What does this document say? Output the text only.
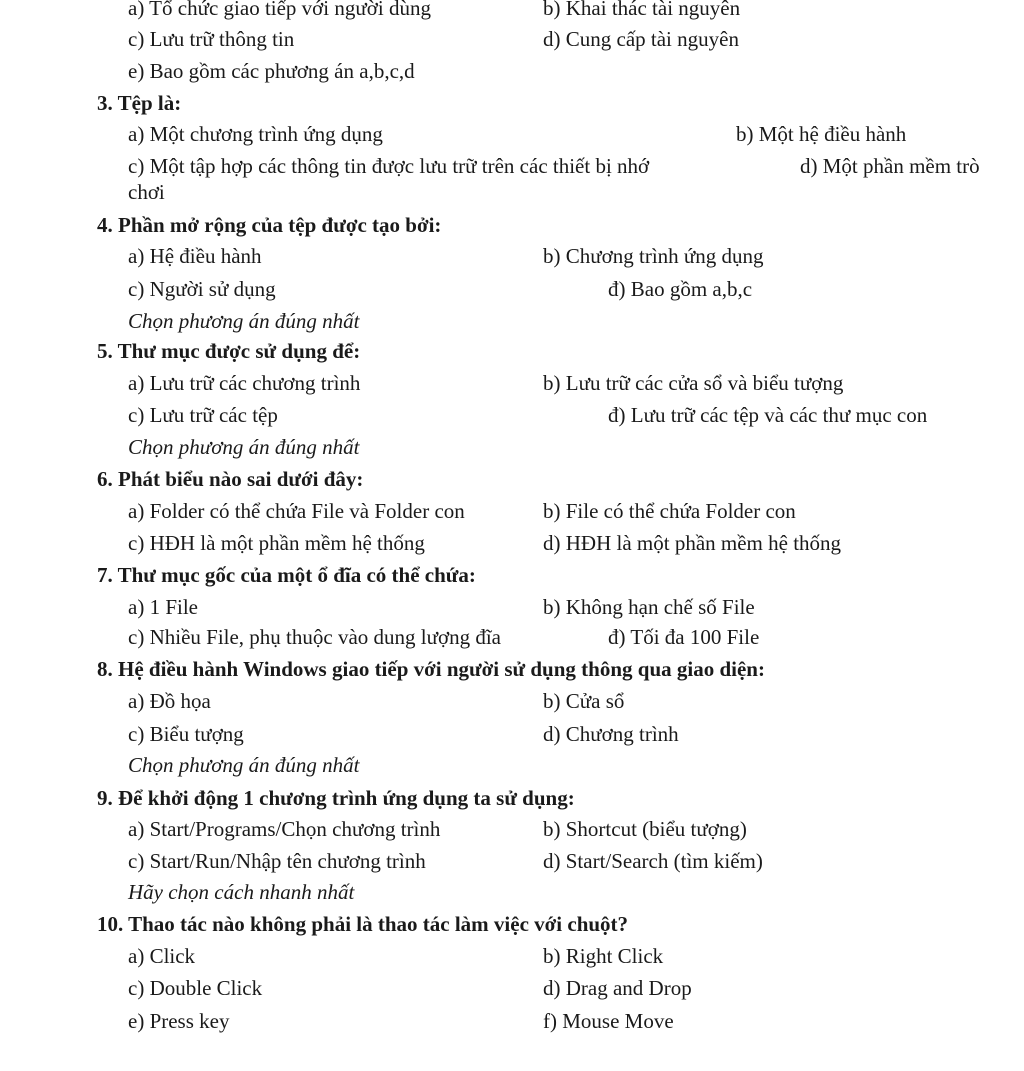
a) Tổ chức giao tiếp với người dùng	b) Khai thác tài nguyên
c) Lưu trữ thông tin	d) Cung cấp tài nguyên
e) Bao gồm các phương án a,b,c,d
3. Tệp là:
a) Một chương trình ứng dụng	b) Một hệ điều hành
c) Một tập hợp các thông tin được lưu trữ trên các thiết bị nhớ	d) Một phần mềm trò
chơi
4. Phần mở rộng của tệp được tạo bởi:
a) Hệ điều hành	b) Chương trình ứng dụng
c) Người sử dụng	đ) Bao gồm a,b,c
Chọn phương án đúng nhất
5. Thư mục được sử dụng để:
a) Lưu trữ các chương trình	b) Lưu trữ các cửa sổ và biểu tượng
c) Lưu trữ các tệp	đ) Lưu trữ các tệp và các thư mục con
Chọn phương án đúng nhất
6. Phát biểu nào sai dưới đây:
a) Folder có thể chứa File và Folder con	b) File có thể chứa Folder con
c) HĐH là một phần mềm hệ thống	d) HĐH là một phần mềm hệ thống
7. Thư mục gốc của một ổ đĩa có thể chứa:
a) 1 File	b) Không hạn chế số File
c) Nhiều File, phụ thuộc vào dung lượng đĩa	đ) Tối đa 100 File
8. Hệ điều hành Windows giao tiếp với người sử dụng thông qua giao diện:
a) Đồ họa	b) Cửa sổ
c) Biểu tượng	d) Chương trình
Chọn phương án đúng nhất
9. Để khởi động 1 chương trình ứng dụng ta sử dụng:
a) Start/Programs/Chọn chương trình	b) Shortcut (biểu tượng)
c) Start/Run/Nhập tên chương trình	d) Start/Search (tìm kiếm)
Hãy chọn cách nhanh nhất
10. Thao tác nào không phải là thao tác làm việc với chuột?
a) Click	b) Right Click
c) Double Click	d) Drag and Drop
e) Press key	f) Mouse Move
